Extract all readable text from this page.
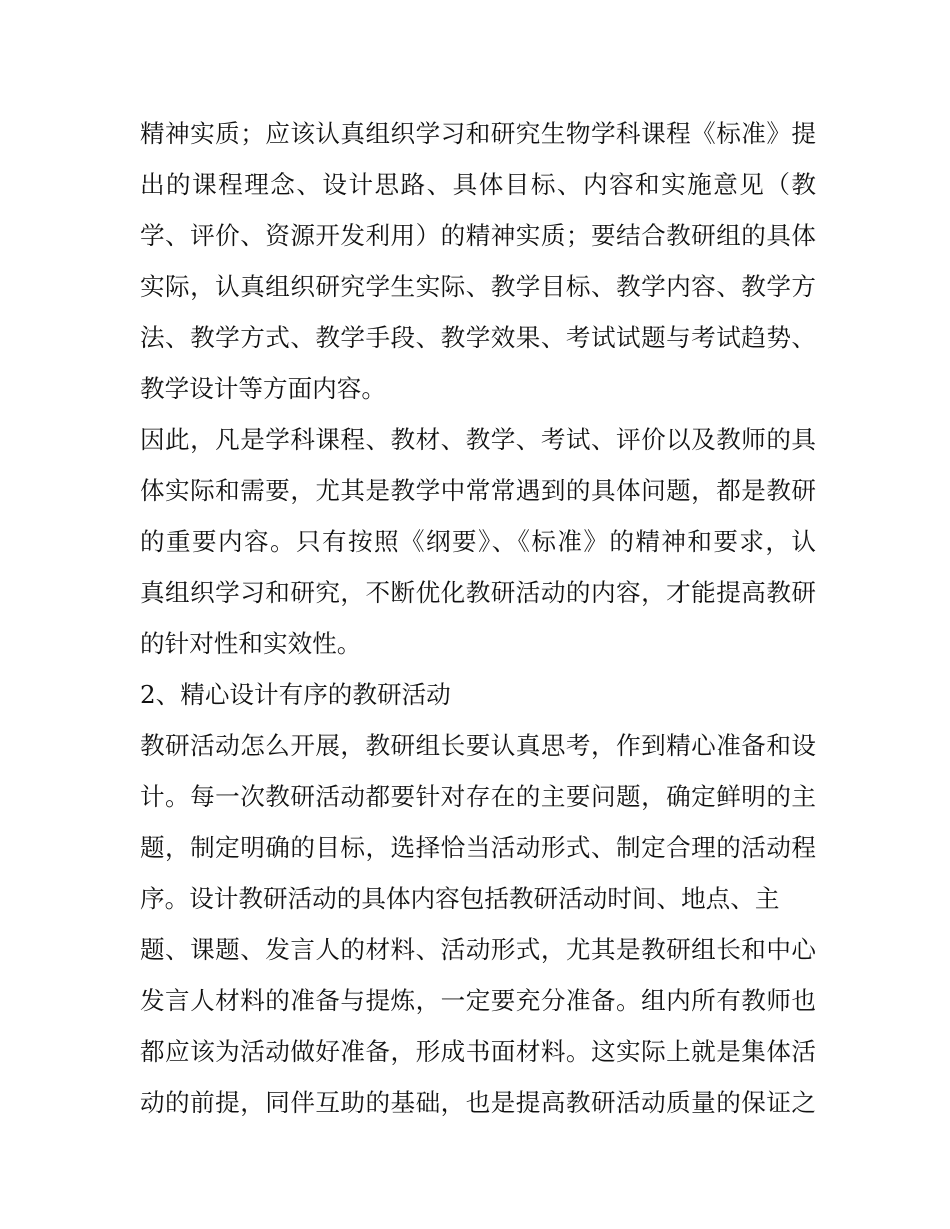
精神实质；应该认真组织学习和研究生物学科课程《标准》提
出的课程理念、设计思路、具体目标、内容和实施意见（教
学、评价、资源开发利用）的精神实质；要结合教研组的具体
实际，认真组织研究学生实际、教学目标、教学内容、教学方
法、教学方式、教学手段、教学效果、考试试题与考试趋势、
教学设计等方面内容。
因此，凡是学科课程、教材、教学、考试、评价以及教师的具
体实际和需要，尤其是教学中常常遇到的具体问题，都是教研
的重要内容。只有按照《纲要》、《标准》的精神和要求，认
真组织学习和研究，不断优化教研活动的内容，才能提高教研
的针对性和实效性。
2、精心设计有序的教研活动
教研活动怎么开展，教研组长要认真思考，作到精心准备和设
计。每一次教研活动都要针对存在的主要问题，确定鲜明的主
题，制定明确的目标，选择恰当活动形式、制定合理的活动程
序。设计教研活动的具体内容包括教研活动时间、地点、主
题、课题、发言人的材料、活动形式，尤其是教研组长和中心
发言人材料的准备与提炼，一定要充分准备。组内所有教师也
都应该为活动做好准备，形成书面材料。这实际上就是集体活
动的前提，同伴互助的基础，也是提高教研活动质量的保证之
